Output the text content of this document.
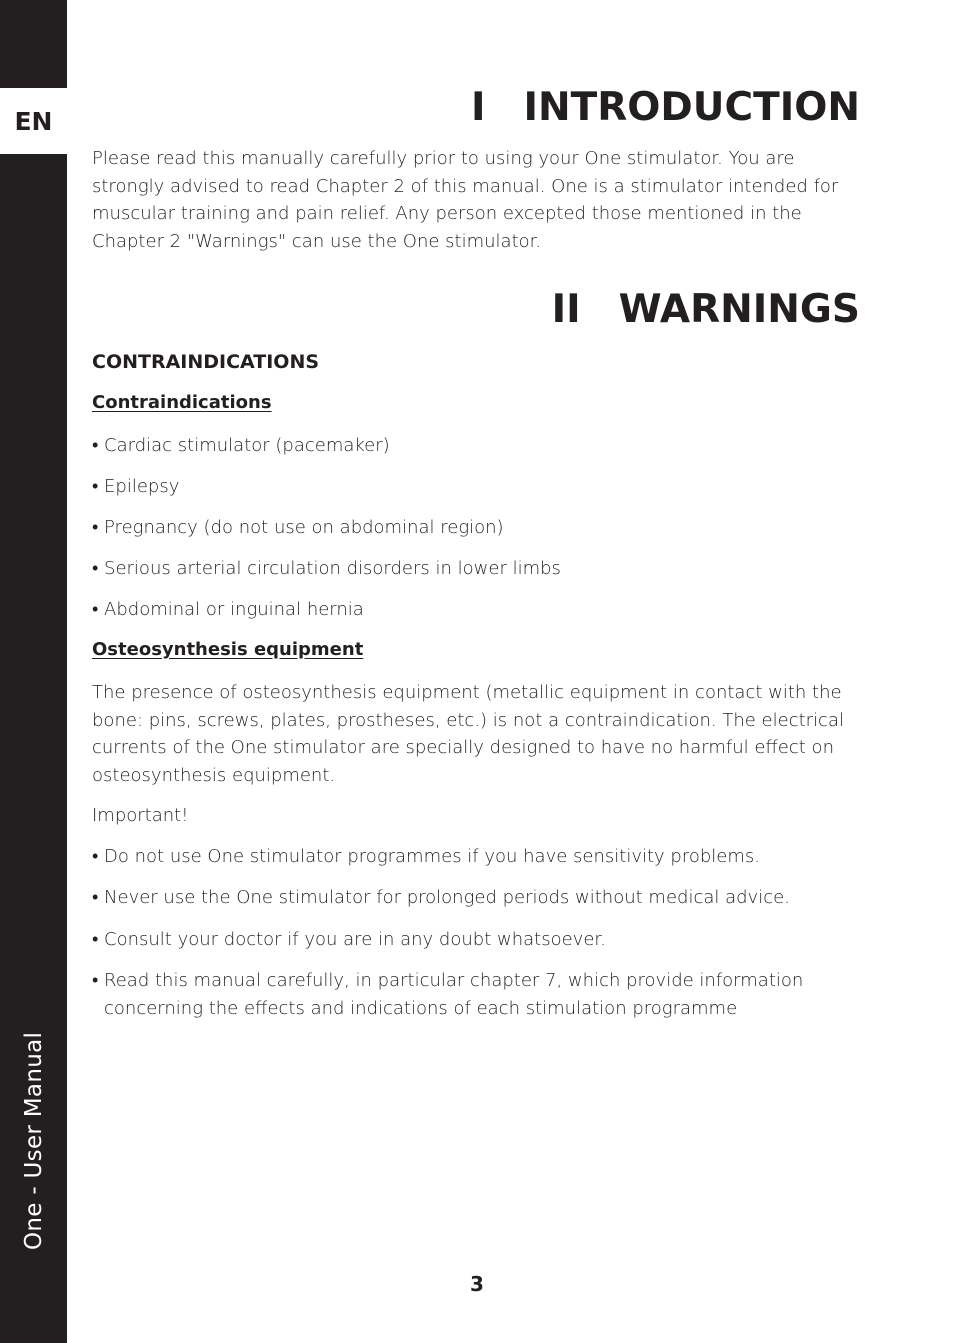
EN
One - User Manual
I INTRODUCTION
Please read this manually carefully prior to using your One stimulator. You are strongly advised to read Chapter 2 of this manual. One is a stimulator intended for muscular training and pain relief. Any person excepted those mentioned in the Chapter 2 "Warnings" can use the One stimulator.
II WARNINGS
CONTRAINDICATIONS
Contraindications
• Cardiac stimulator (pacemaker)
• Epilepsy
• Pregnancy (do not use on abdominal region)
• Serious arterial circulation disorders in lower limbs
• Abdominal or inguinal hernia
Osteosynthesis equipment
The presence of osteosynthesis equipment (metallic equipment in contact with the bone: pins, screws, plates, prostheses, etc.) is not a contraindication. The electrical currents of the One stimulator are specially designed to have no harmful effect on osteosynthesis equipment.
Important!
• Do not use One stimulator programmes if you have sensitivity problems.
• Never use the One stimulator for prolonged periods without medical advice.
• Consult your doctor if you are in any doubt whatsoever.
• Read this manual carefully, in particular chapter 7, which provide information concerning the effects and indications of each stimulation programme
3
